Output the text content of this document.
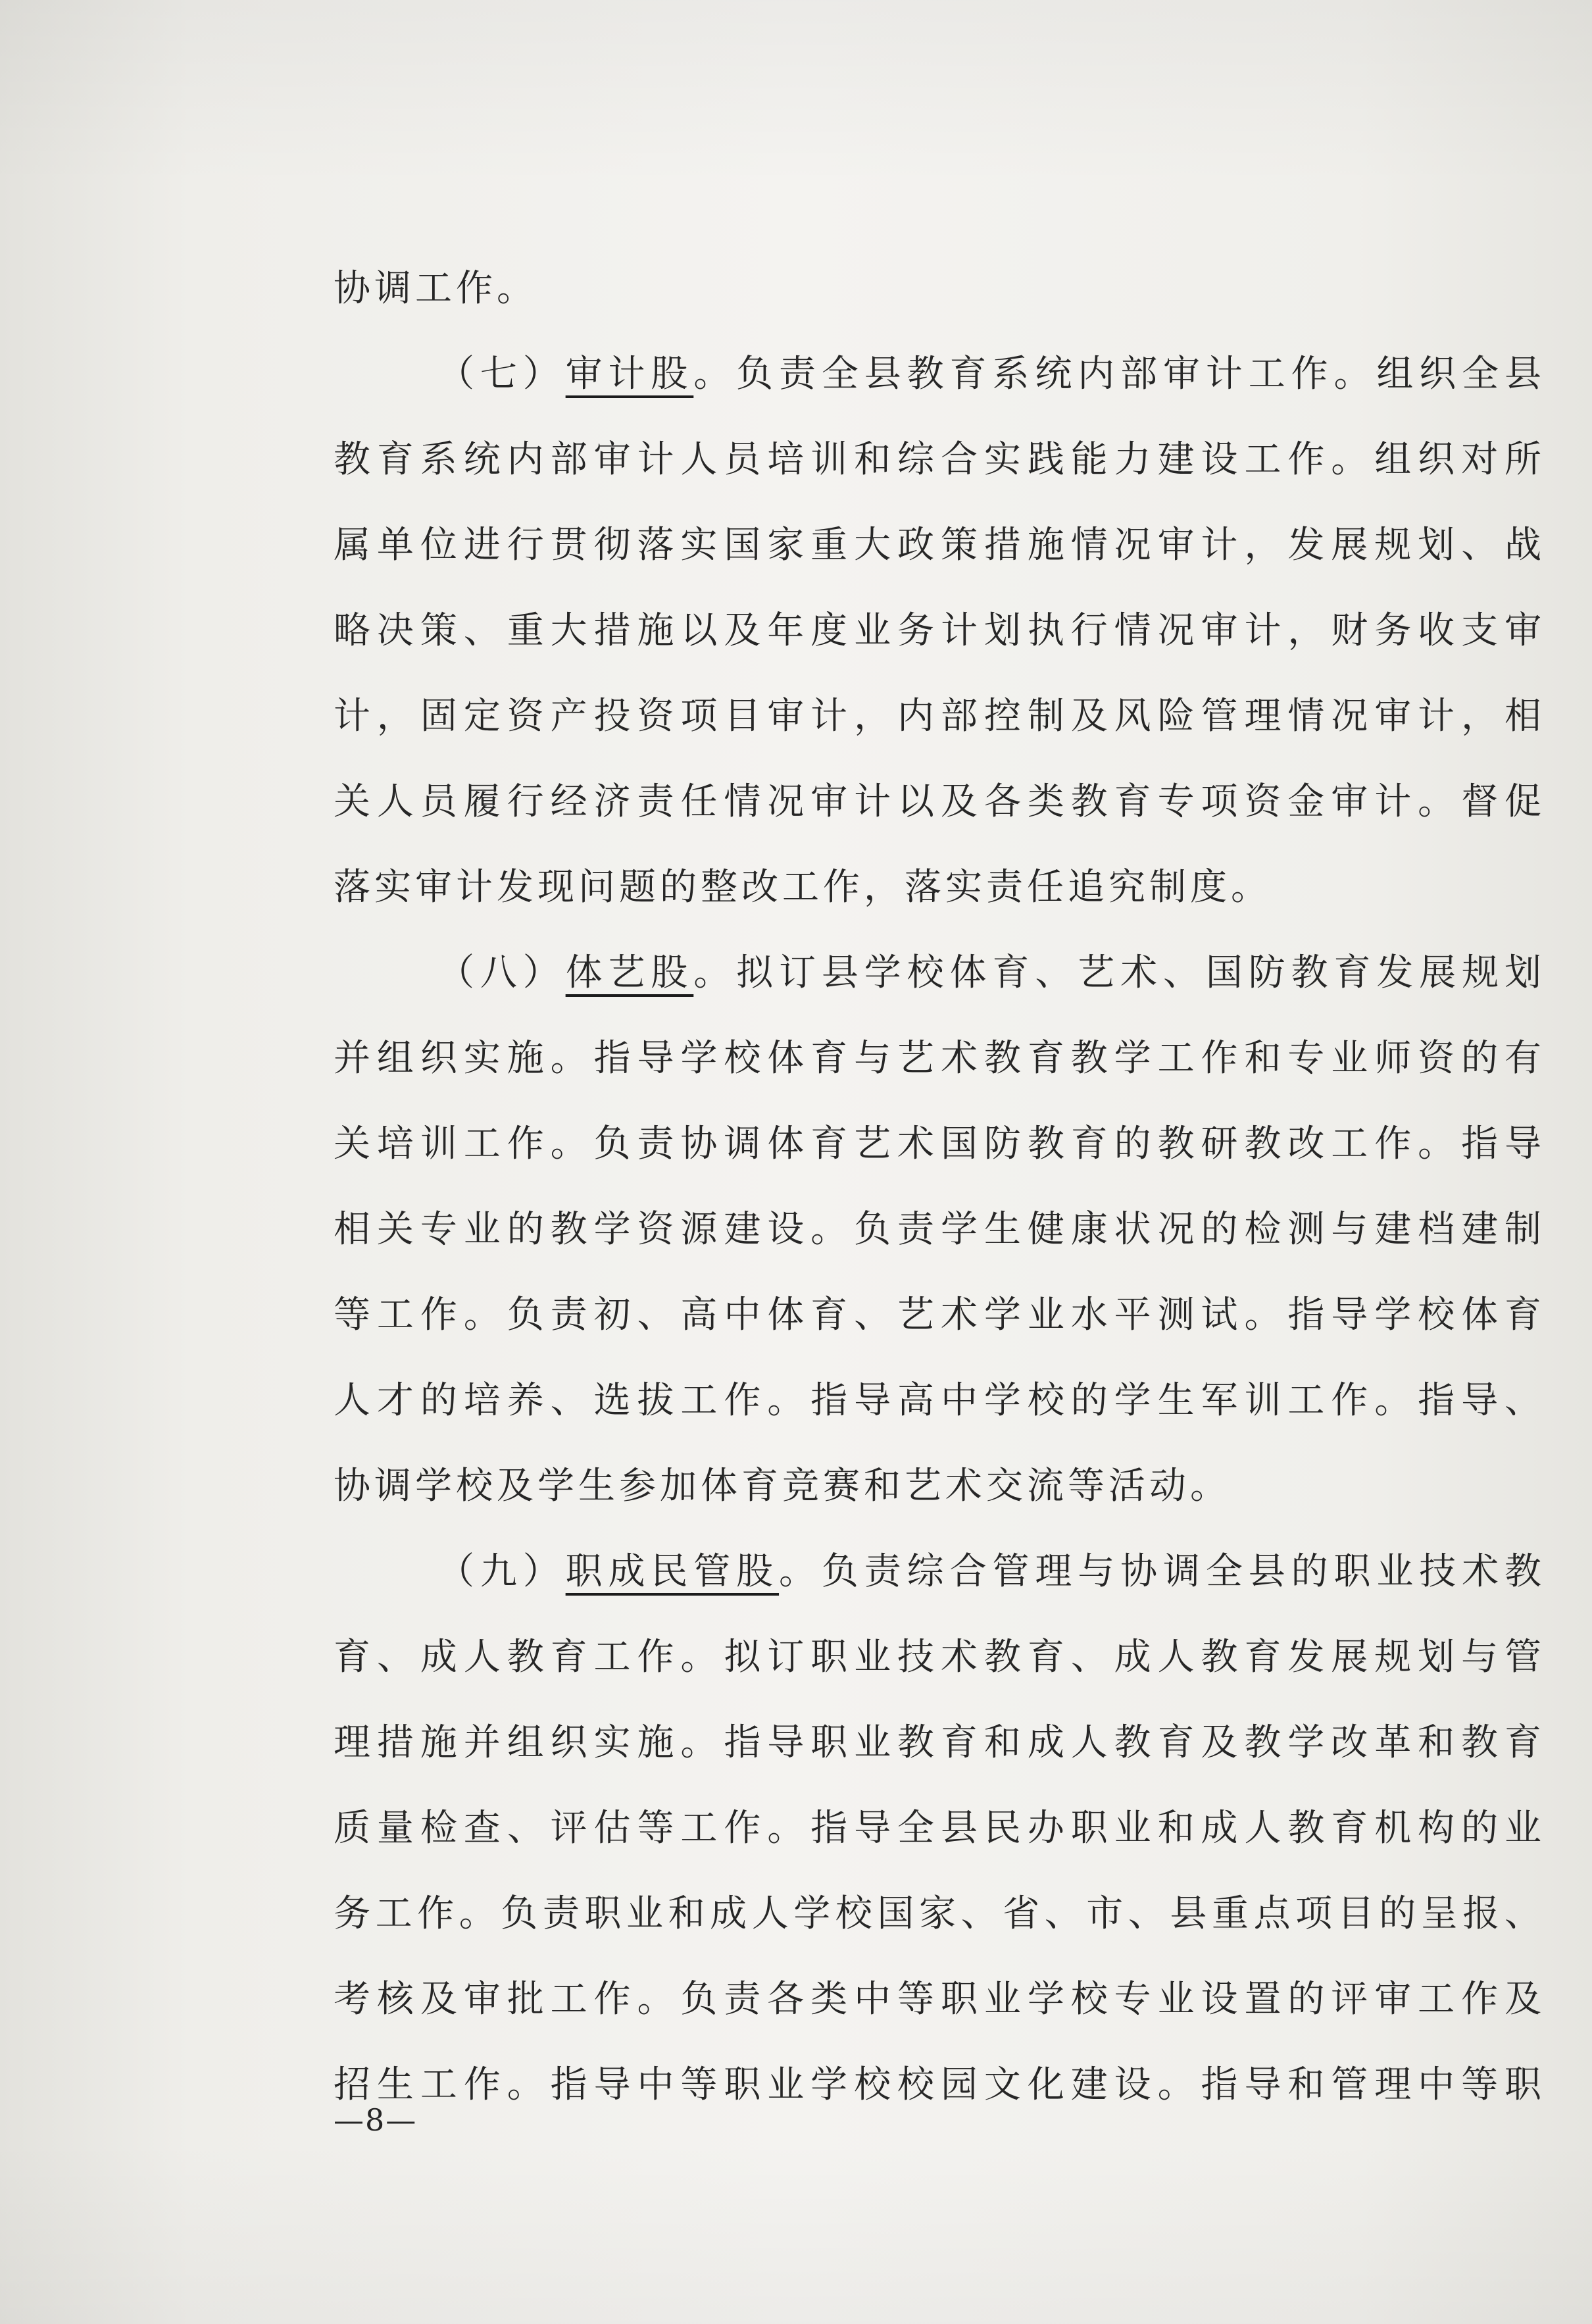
协调工作。
（七）审计股。负责全县教育系统内部审计工作。组织全县
教育系统内部审计人员培训和综合实践能力建设工作。组织对所
属单位进行贯彻落实国家重大政策措施情况审计，发展规划、战
略决策、重大措施以及年度业务计划执行情况审计，财务收支审
计，固定资产投资项目审计，内部控制及风险管理情况审计，相
关人员履行经济责任情况审计以及各类教育专项资金审计。督促
落实审计发现问题的整改工作，落实责任追究制度。
（八）体艺股。拟订县学校体育、艺术、国防教育发展规划
并组织实施。指导学校体育与艺术教育教学工作和专业师资的有
关培训工作。负责协调体育艺术国防教育的教研教改工作。指导
相关专业的教学资源建设。负责学生健康状况的检测与建档建制
等工作。负责初、高中体育、艺术学业水平测试。指导学校体育
人才的培养、选拔工作。指导高中学校的学生军训工作。指导、
协调学校及学生参加体育竞赛和艺术交流等活动。
（九）职成民管股。负责综合管理与协调全县的职业技术教
育、成人教育工作。拟订职业技术教育、成人教育发展规划与管
理措施并组织实施。指导职业教育和成人教育及教学改革和教育
质量检查、评估等工作。指导全县民办职业和成人教育机构的业
务工作。负责职业和成人学校国家、省、市、县重点项目的呈报、
考核及审批工作。负责各类中等职业学校专业设置的评审工作及
招生工作。指导中等职业学校校园文化建设。指导和管理中等职
—8—
